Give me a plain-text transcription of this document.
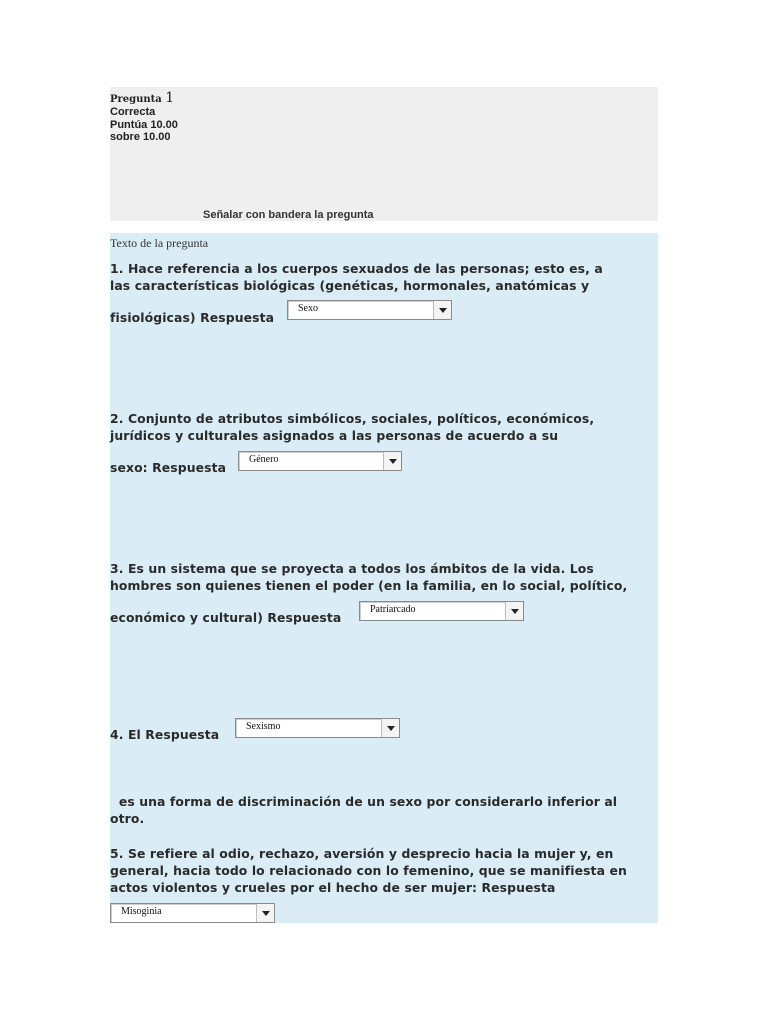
Pregunta 1
Correcta
Puntúa 10.00 sobre 10.00
Señalar con bandera la pregunta
Texto de la pregunta
1. Hace referencia a los cuerpos sexuados de las personas; esto es, a
las características biológicas (genéticas, hormonales, anatómicas y
fisiológicas) Respuesta
Sexo
2. Conjunto de atributos simbólicos, sociales, políticos, económicos,
jurídicos y culturales asignados a las personas de acuerdo a su
sexo: Respuesta
Género
3. Es un sistema que se proyecta a todos los ámbitos de la vida. Los
hombres son quienes tienen el poder (en la familia, en lo social, político,
económico y cultural) Respuesta
Patriarcado
4. El Respuesta
Sexismo
es una forma de discriminación de un sexo por considerarlo inferior al
otro.
5. Se refiere al odio, rechazo, aversión y desprecio hacia la mujer y, en
general, hacia todo lo relacionado con lo femenino, que se manifiesta en
actos violentos y crueles por el hecho de ser mujer: Respuesta
Misoginia
